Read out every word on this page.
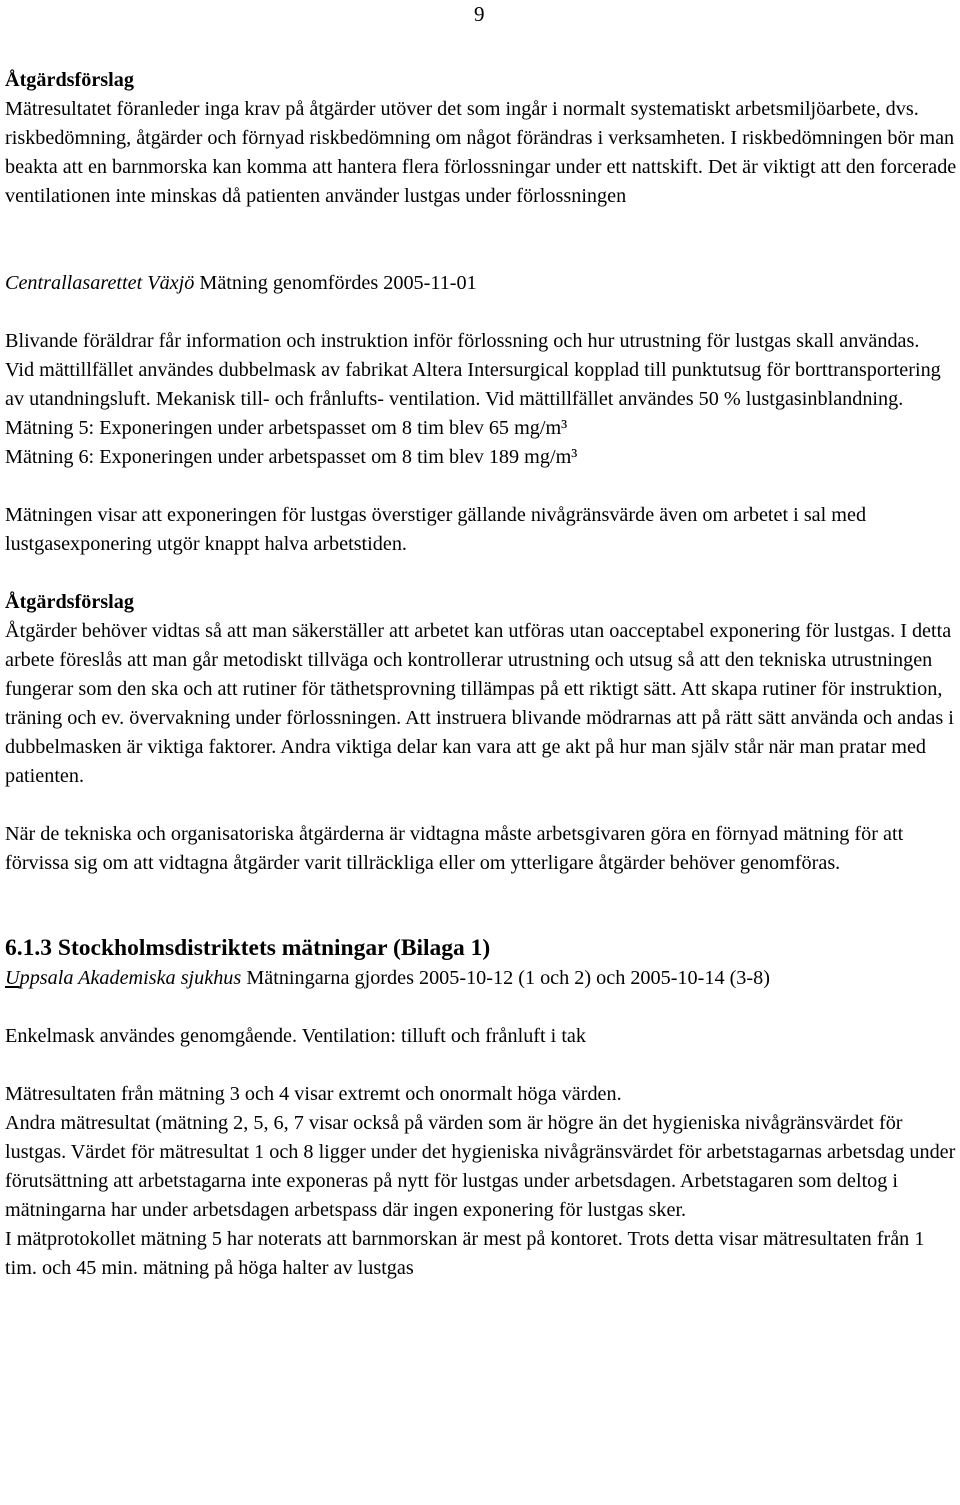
9

Åtgärdsförslag

Mätresultatet föranleder inga krav på åtgärder utöver det som ingår i normalt systematiskt arbetsmiljöarbete, dvs. riskbedömning, åtgärder och förnyad riskbedömning om något förändras i verksamheten. I riskbedömningen bör man beakta att en barnmorska kan komma att hantera flera förlossningar under ett nattskift. Det är viktigt att den forcerade ventilationen inte minskas då patienten använder lustgas under förlossningen

Centrallasarettet Växjö Mätning genomfördes 2005-11-01

Blivande föräldrar får information och instruktion inför förlossning och hur utrustning för lustgas skall användas.

Vid mättillfället användes dubbelmask av fabrikat Altera Intersurgical kopplad till punktutsug för borttransportering av utandningsluft. Mekanisk till- och frånlufts- ventilation. Vid mättillfället användes 50 % lustgasinblandning.

Mätning 5: Exponeringen under arbetspasset om 8 tim blev 65 mg/m³

Mätning 6: Exponeringen under arbetspasset om 8 tim blev 189 mg/m³

Mätningen visar att exponeringen för lustgas överstiger gällande nivågränsvärde även om arbetet i sal med lustgasexponering utgör knappt halva arbetstiden.

Åtgärdsförslag

Åtgärder behöver vidtas så att man säkerställer att arbetet kan utföras utan oacceptabel exponering för lustgas. I detta arbete föreslås att man går metodiskt tillväga och kontrollerar utrustning och utsug så att den tekniska utrustningen fungerar som den ska och att rutiner för täthetsprovning tillämpas på ett riktigt sätt. Att skapa rutiner för instruktion, träning och ev. övervakning under förlossningen. Att instruera blivande mödrarnas att på rätt sätt använda och andas i dubbelmasken är viktiga faktorer. Andra viktiga delar kan vara att ge akt på hur man själv står när man pratar med patienten.

När de tekniska och organisatoriska åtgärderna är vidtagna måste arbetsgivaren göra en förnyad mätning för att förvissa sig om att vidtagna åtgärder varit tillräckliga eller om ytterligare åtgärder behöver genomföras.

6.1.3 Stockholmsdistriktets mätningar (Bilaga 1)

Uppsala Akademiska sjukhus Mätningarna gjordes 2005-10-12 (1 och 2) och 2005-10-14 (3-8)

Enkelmask användes genomgående. Ventilation: tilluft och frånluft i tak

Mätresultaten från mätning 3 och 4 visar extremt och onormalt höga värden.

Andra mätresultat (mätning 2, 5, 6, 7 visar också på värden som är högre än det hygieniska nivågränsvärdet för lustgas. Värdet för mätresultat 1 och 8 ligger under det hygieniska nivågränsvärdet för arbetstagarnas arbetsdag under förutsättning att arbetstagarna inte exponeras på nytt för lustgas under arbetsdagen. Arbetstagaren som deltog i mätningarna har under arbetsdagen arbetspass där ingen exponering för lustgas sker.

I mätprotokollet mätning 5 har noterats att barnmorskan är mest på kontoret. Trots detta visar mätresultaten från 1 tim. och 45 min. mätning på höga halter av lustgas
